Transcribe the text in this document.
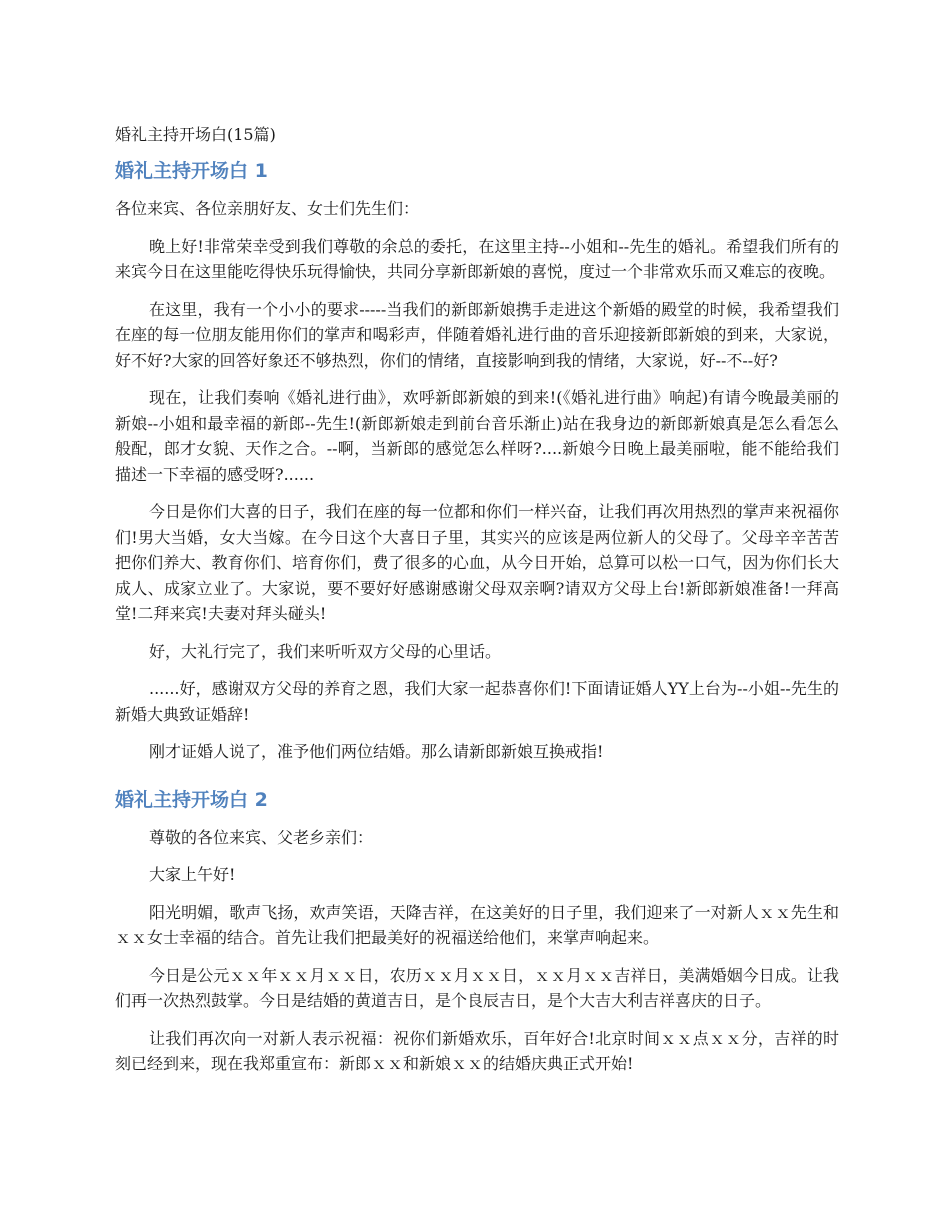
婚礼主持开场白(15篇)
婚礼主持开场白 1

各位来宾、各位亲朋好友、女士们先生们：

晚上好!非常荣幸受到我们尊敬的余总的委托，在这里主持--小姐和--先生的婚礼。希望我们所有的来宾今日在这里能吃得快乐玩得愉快，共同分享新郎新娘的喜悦，度过一个非常欢乐而又难忘的夜晚。

在这里，我有一个小小的要求-----当我们的新郎新娘携手走进这个新婚的殿堂的时候，我希望我们在座的每一位朋友能用你们的掌声和喝彩声，伴随着婚礼进行曲的音乐迎接新郎新娘的到来，大家说，好不好?大家的回答好象还不够热烈，你们的情绪，直接影响到我的情绪，大家说，好--不--好?

现在，让我们奏响《婚礼进行曲》，欢呼新郎新娘的到来!(《婚礼进行曲》响起)有请今晚最美丽的新娘--小姐和最幸福的新郎--先生!(新郎新娘走到前台音乐渐止)站在我身边的新郎新娘真是怎么看怎么般配，郎才女貌、天作之合。--啊，当新郎的感觉怎么样呀?....新娘今日晚上最美丽啦，能不能给我们描述一下幸福的感受呀?......

今日是你们大喜的日子，我们在座的每一位都和你们一样兴奋，让我们再次用热烈的掌声来祝福你们!男大当婚，女大当嫁。在今日这个大喜日子里，其实兴的应该是两位新人的父母了。父母辛辛苦苦把你们养大、教育你们、培育你们，费了很多的心血，从今日开始，总算可以松一口气，因为你们长大成人、成家立业了。大家说，要不要好好感谢感谢父母双亲啊?请双方父母上台!新郎新娘准备!一拜高堂!二拜来宾!夫妻对拜头碰头!

好，大礼行完了，我们来听听双方父母的心里话。

......好，感谢双方父母的养育之恩，我们大家一起恭喜你们!下面请证婚人YY上台为--小姐--先生的新婚大典致证婚辞!

刚才证婚人说了，准予他们两位结婚。那么请新郎新娘互换戒指!

婚礼主持开场白 2

尊敬的各位来宾、父老乡亲们：

大家上午好!

阳光明媚，歌声飞扬，欢声笑语，天降吉祥，在这美好的日子里，我们迎来了一对新人ｘｘ先生和ｘｘ女士幸福的结合。首先让我们把最美好的祝福送给他们，来掌声响起来。

今日是公元ｘｘ年ｘｘ月ｘｘ日，农历ｘｘ月ｘｘ日，ｘｘ月ｘｘ吉祥日，美满婚姻今日成。让我们再一次热烈鼓掌。今日是结婚的黄道吉日，是个良辰吉日，是个大吉大利吉祥喜庆的日子。

让我们再次向一对新人表示祝福：祝你们新婚欢乐，百年好合!北京时间ｘｘ点ｘｘ分，吉祥的时刻已经到来，现在我郑重宣布：新郎ｘｘ和新娘ｘｘ的结婚庆典正式开始!
